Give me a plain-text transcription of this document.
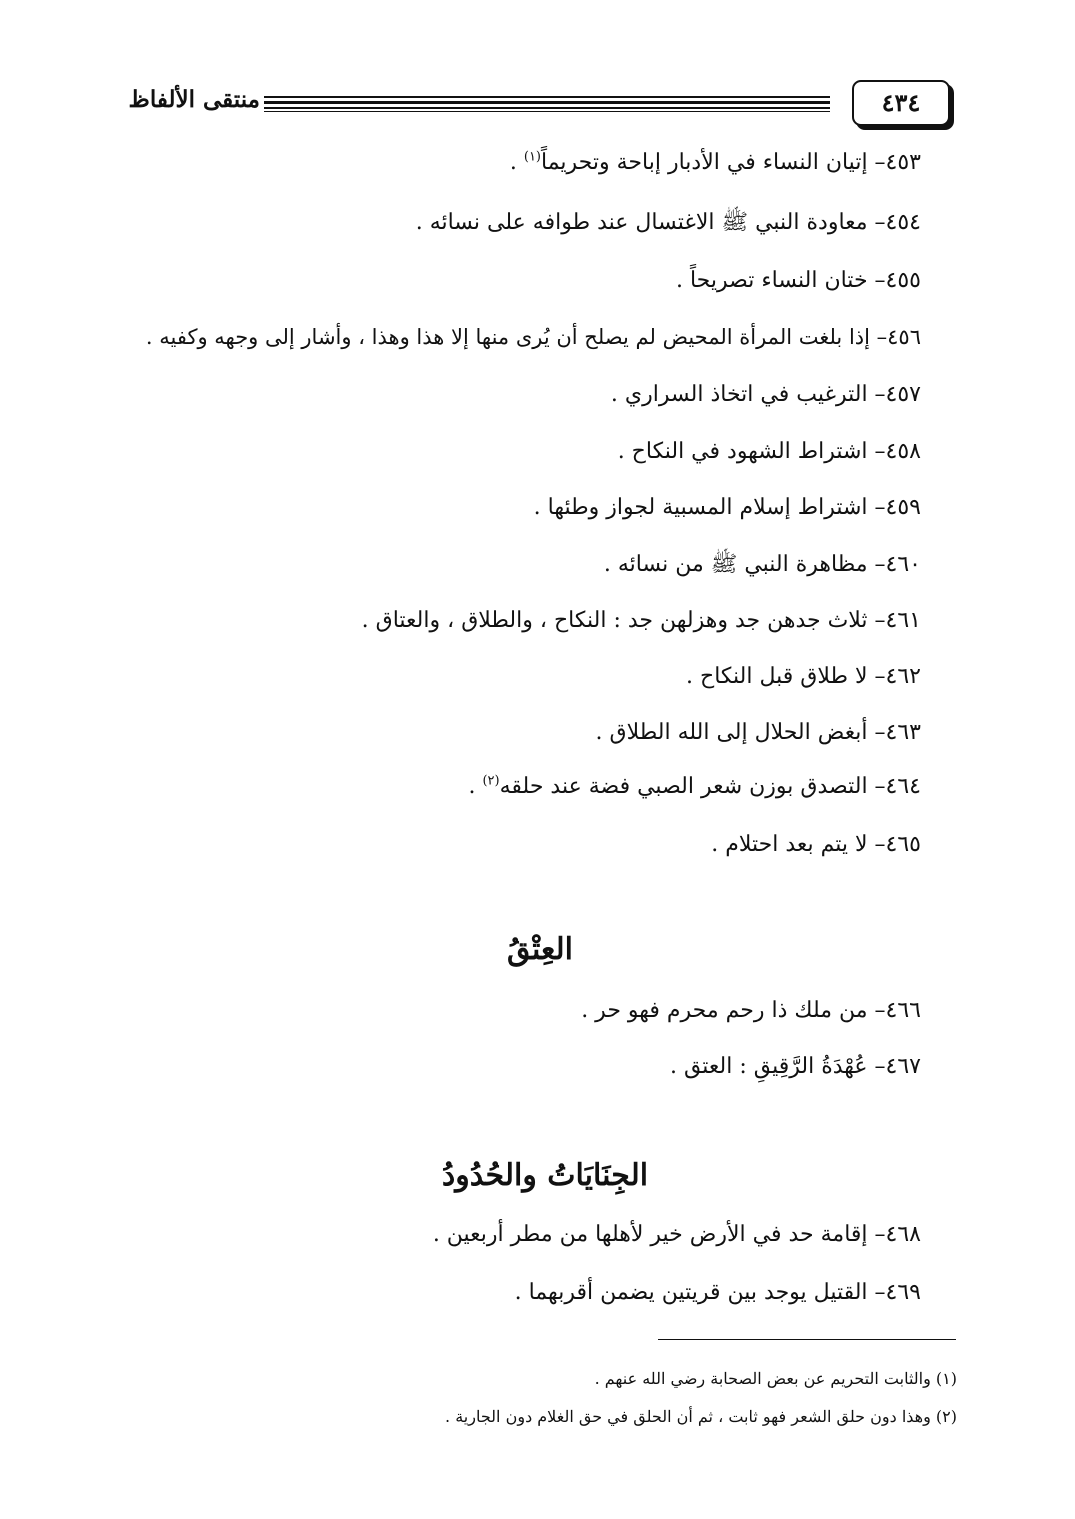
منتقى الألفاظ	٤٣٤
٤٥٣– إتيان النساء في الأدبار إباحة وتحريماً$^{(١)}$ .
٤٥٤– معاودة النبي ﷺ الاغتسال عند طوافه على نسائه .
٤٥٥– ختان النساء تصريحاً .
٤٥٦– إذا بلغت المرأة المحيض لم يصلح أن يُرى منها إلا هذا وهذا ، وأشار إلى وجهه وكفيه .
٤٥٧– الترغيب في اتخاذ السراري .
٤٥٨– اشتراط الشهود في النكاح .
٤٥٩– اشتراط إسلام المسبية لجواز وطئها .
٤٦٠– مظاهرة النبي ﷺ من نسائه .
٤٦١– ثلاث جدهن جد وهزلهن جد : النكاح ، والطلاق ، والعتاق .
٤٦٢– لا طلاق قبل النكاح .
٤٦٣– أبغض الحلال إلى الله الطلاق .
٤٦٤– التصدق بوزن شعر الصبي فضة عند حلقه$^{(٢)}$ .
٤٦٥– لا يتم بعد احتلام .
العِتْقُ
٤٦٦– من ملك ذا رحم محرم فهو حر .
٤٦٧– عُهْدَةُ الرَّقِيقِ : العتق .
الجِنَايَاتُ والحُدُودُ
٤٦٨– إقامة حد في الأرض خير لأهلها من مطر أربعين .
٤٦٩– القتيل يوجد بين قريتين يضمن أقربهما .
(١) والثابت التحريم عن بعض الصحابة رضي الله عنهم .
(٢) وهذا دون حلق الشعر فهو ثابت ، ثم أن الحلق في حق الغلام دون الجارية .
